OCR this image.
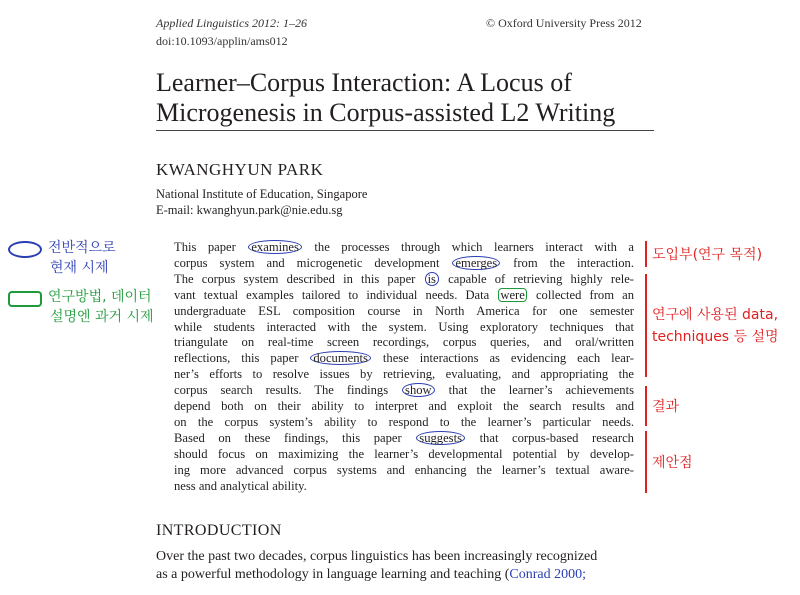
Applied Linguistics 2012: 1–26	© Oxford University Press 2012
doi:10.1093/applin/ams012
Learner–Corpus Interaction: A Locus of
Microgenesis in Corpus-assisted L2 Writing
KWANGHYUN PARK
National Institute of Education, Singapore
E-mail: kwanghyun.park@nie.edu.sg
전반적으로
현재 시제
연구방법, 데이터
설명엔 과거 시제
This paper examines the processes through which learners interact with a
corpus system and microgenetic development emerges from the interaction.
The corpus system described in this paper is capable of retrieving highly rele-
vant textual examples tailored to individual needs. Data were collected from an
undergraduate ESL composition course in North America for one semester
while students interacted with the system. Using exploratory techniques that
triangulate on real-time screen recordings, corpus queries, and oral/written
reflections, this paper documents these interactions as evidencing each lear-
ner’s efforts to resolve issues by retrieving, evaluating, and appropriating the
corpus search results. The findings show that the learner’s achievements
depend both on their ability to interpret and exploit the search results and
on the corpus system’s ability to respond to the learner’s particular needs.
Based on these findings, this paper suggests that corpus-based research
should focus on maximizing the learner’s developmental potential by develop-
ing more advanced corpus systems and enhancing the learner’s textual aware-
ness and analytical ability.
도입부(연구 목적)
연구에 사용된 data,
techniques 등 설명
결과
제안점
INTRODUCTION
Over the past two decades, corpus linguistics has been increasingly recognized
as a powerful methodology in language learning and teaching (Conrad 2000;
